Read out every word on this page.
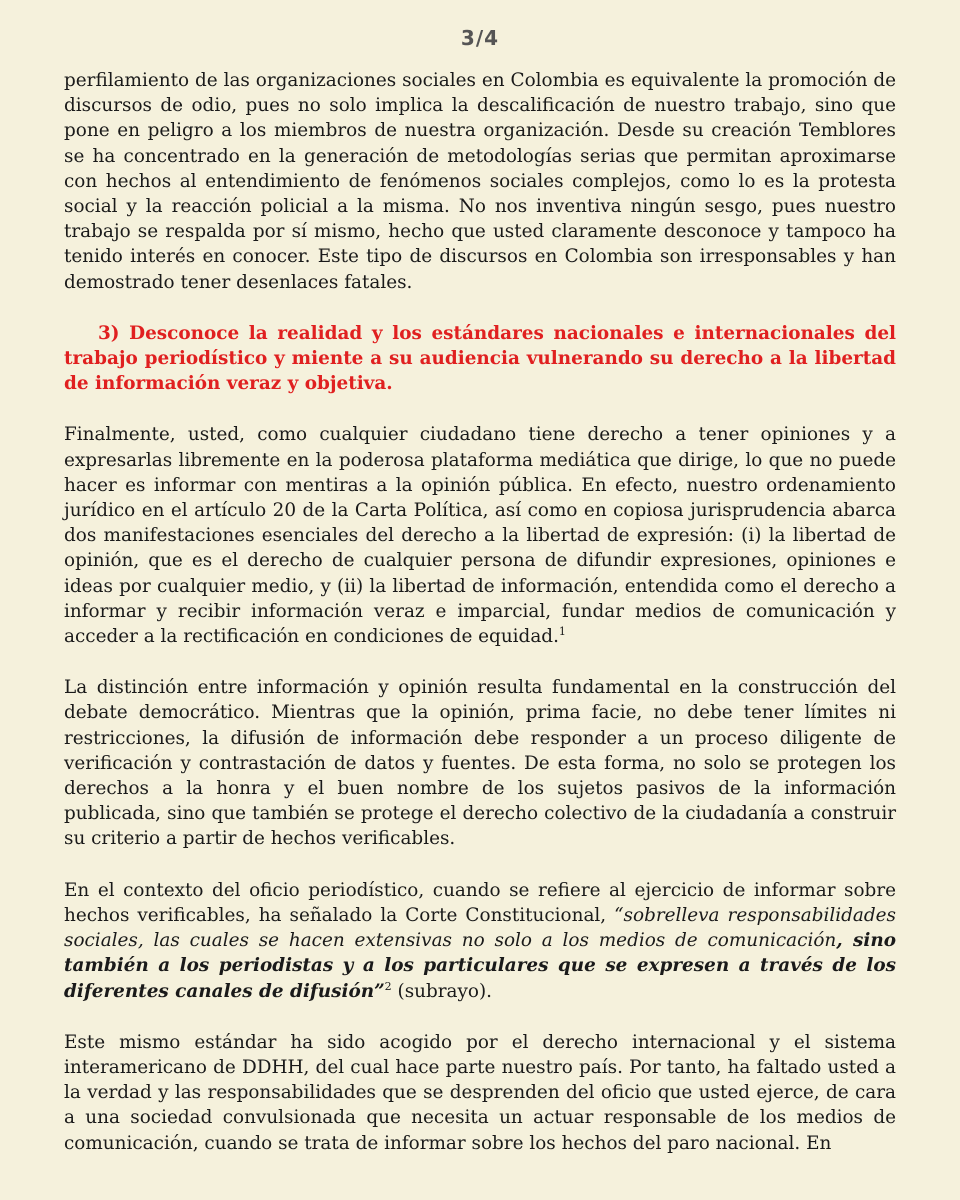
3/4

perfilamiento de las organizaciones sociales en Colombia es equivalente la promoción de discursos de odio, pues no solo implica la descalificación de nuestro trabajo, sino que pone en peligro a los miembros de nuestra organización. Desde su creación Temblores se ha concentrado en la generación de metodologías serias que permitan aproximarse con hechos al entendimiento de fenómenos sociales complejos, como lo es la protesta social y la reacción policial a la misma. No nos inventiva ningún sesgo, pues nuestro trabajo se respalda por sí mismo, hecho que usted claramente desconoce y tampoco ha tenido interés en conocer. Este tipo de discursos en Colombia son irresponsables y han demostrado tener desenlaces fatales.

3) Desconoce la realidad y los estándares nacionales e internacionales del trabajo periodístico y miente a su audiencia vulnerando su derecho a la libertad de información veraz y objetiva.

Finalmente, usted, como cualquier ciudadano tiene derecho a tener opiniones y a expresarlas libremente en la poderosa plataforma mediática que dirige, lo que no puede hacer es informar con mentiras a la opinión pública. En efecto, nuestro ordenamiento jurídico en el artículo 20 de la Carta Política, así como en copiosa jurisprudencia abarca dos manifestaciones esenciales del derecho a la libertad de expresión: (i) la libertad de opinión, que es el derecho de cualquier persona de difundir expresiones, opiniones e ideas por cualquier medio, y (ii) la libertad de información, entendida como el derecho a informar y recibir información veraz e imparcial, fundar medios de comunicación y acceder a la rectificación en condiciones de equidad.$^1$

La distinción entre información y opinión resulta fundamental en la construcción del debate democrático. Mientras que la opinión, prima facie, no debe tener límites ni restricciones, la difusión de información debe responder a un proceso diligente de verificación y contrastación de datos y fuentes. De esta forma, no solo se protegen los derechos a la honra y el buen nombre de los sujetos pasivos de la información publicada, sino que también se protege el derecho colectivo de la ciudadanía a construir su criterio a partir de hechos verificables.

En el contexto del oficio periodístico, cuando se refiere al ejercicio de informar sobre hechos verificables, ha señalado la Corte Constitucional, “sobrelleva responsabilidades sociales, las cuales se hacen extensivas no solo a los medios de comunicación, sino también a los periodistas y a los particulares que se expresen a través de los diferentes canales de difusión”$^2$ (subrayo).

Este mismo estándar ha sido acogido por el derecho internacional y el sistema interamericano de DDHH, del cual hace parte nuestro país. Por tanto, ha faltado usted a la verdad y las responsabilidades que se desprenden del oficio que usted ejerce, de cara a una sociedad convulsionada que necesita un actuar responsable de los medios de comunicación, cuando se trata de informar sobre los hechos del paro nacional. En
